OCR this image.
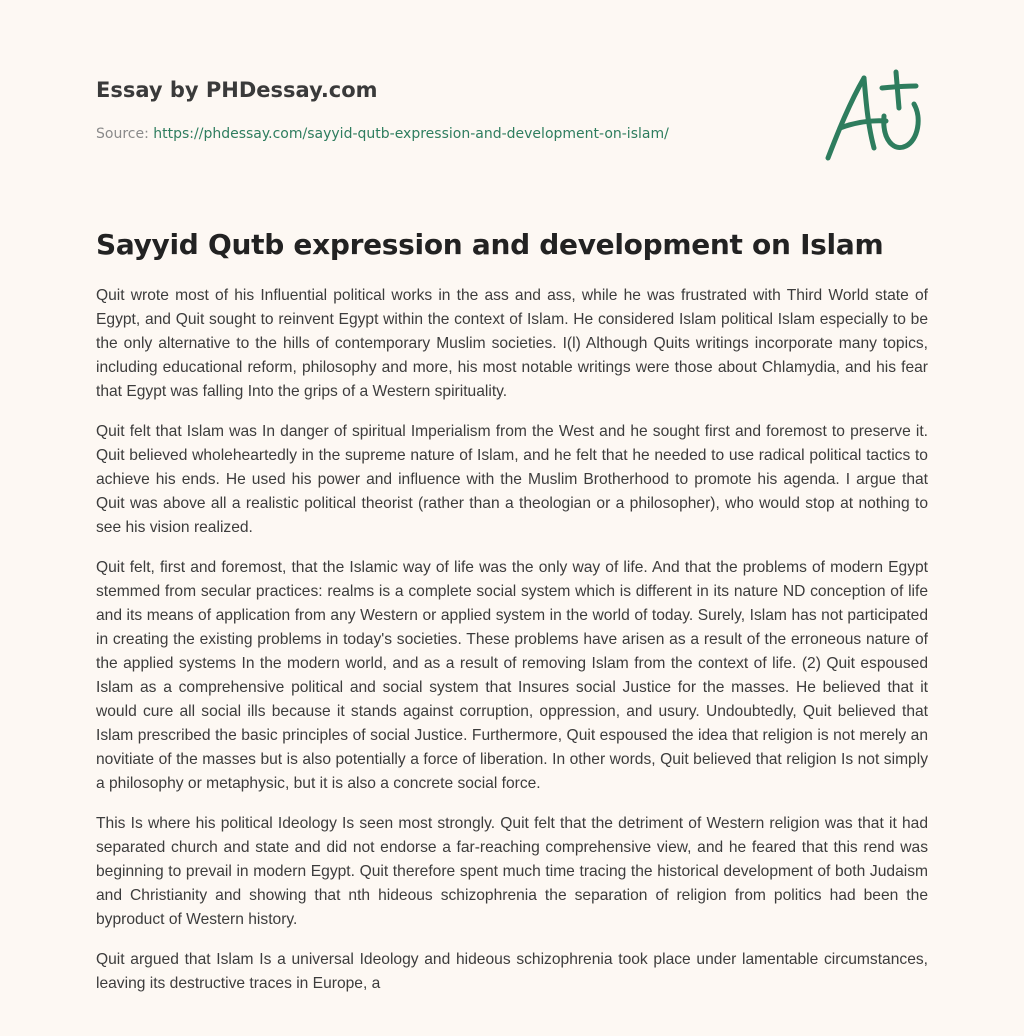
Essay by PHDessay.com
Source: https://phdessay.com/sayyid-qutb-expression-and-development-on-islam/
Sayyid Qutb expression and development on Islam

Quit wrote most of his Influential political works in the ass and ass, while he was frustrated with Third World state of Egypt, and Quit sought to reinvent Egypt within the context of Islam. He considered Islam political Islam especially to be the only alternative to the hills of contemporary Muslim societies. I(l) Although Quits writings incorporate many topics, including educational reform, philosophy and more, his most notable writings were those about Chlamydia, and his fear that Egypt was falling Into the grips of a Western spirituality.

Quit felt that Islam was In danger of spiritual Imperialism from the West and he sought first and foremost to preserve it. Quit believed wholeheartedly in the supreme nature of Islam, and he felt that he needed to use radical political tactics to achieve his ends. He used his power and influence with the Muslim Brotherhood to promote his agenda. I argue that Quit was above all a realistic political theorist (rather than a theologian or a philosopher), who would stop at nothing to see his vision realized.

Quit felt, first and foremost, that the Islamic way of life was the only way of life. And that the problems of modern Egypt stemmed from secular practices: realms is a complete social system which is different in its nature ND conception of life and its means of application from any Western or applied system in the world of today. Surely, Islam has not participated in creating the existing problems in today's societies. These problems have arisen as a result of the erroneous nature of the applied systems In the modern world, and as a result of removing Islam from the context of life. (2) Quit espoused Islam as a comprehensive political and social system that Insures social Justice for the masses. He believed that it would cure all social ills because it stands against corruption, oppression, and usury. Undoubtedly, Quit believed that Islam prescribed the basic principles of social Justice. Furthermore, Quit espoused the idea that religion is not merely an novitiate of the masses but is also potentially a force of liberation. In other words, Quit believed that religion Is not simply a philosophy or metaphysic, but it is also a concrete social force.

This Is where his political Ideology Is seen most strongly. Quit felt that the detriment of Western religion was that it had separated church and state and did not endorse a far-reaching comprehensive view, and he feared that this rend was beginning to prevail in modern Egypt. Quit therefore spent much time tracing the historical development of both Judaism and Christianity and showing that nth hideous schizophrenia the separation of religion from politics had been the byproduct of Western history.

Quit argued that Islam Is a universal Ideology and hideous schizophrenia took place under lamentable circumstances, leaving its destructive traces in Europe, a
